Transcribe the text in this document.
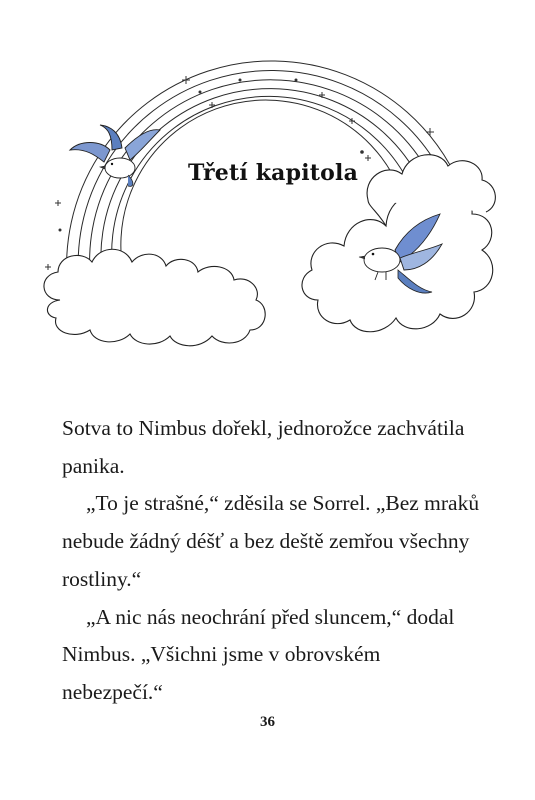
Třetí kapitola

Sotva to Nimbus dořekl, jednorožce zachvátila panika.

„To je strašné,“ zděsila se Sorrel. „Bez mraků nebude žádný déšť a bez deště zemřou všechny rostliny.“

„A nic nás neochrání před sluncem,“ dodal Nimbus. „Všichni jsme v obrovském nebezpečí.“

36
